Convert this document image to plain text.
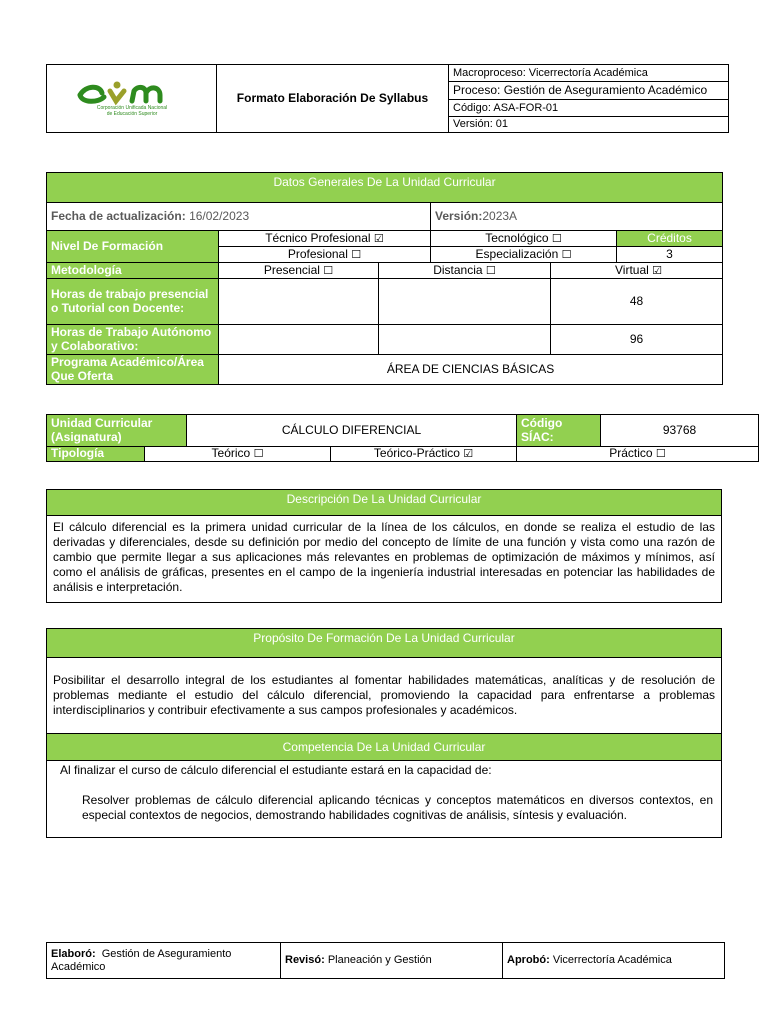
Corporación Unificada Nacional
de Educación Superior
	Formato Elaboración De Syllabus	Macroproceso: Vicerrectoría Académica
Proceso: Gestión de Aseguramiento Académico
Código: ASA-FOR-01
Versión: 01
Datos Generales De La Unidad Curricular					
Fecha de actualización: 16/02/2023			Versión:2023A		
Nivel De Formación	Técnico Profesional ☑		Tecnológico ☐		Créditos
	Profesional ☐		Especialización ☐		3
Metodología	Presencial ☐	Distancia ☐		Virtual ☑	
Horas de trabajo presencial o Tutorial con Docente:				48	
Horas de Trabajo Autónomo y Colaborativo:				96	
Programa Académico/Área Que Oferta	ÁREA DE CIENCIAS BÁSICAS				
Unidad Curricular (Asignatura)		CÁLCULO DIFERENCIAL		Código SÍAC:	93768
Tipología	Teórico ☐		Teórico-Práctico ☑	Práctico ☐	
Descripción De La Unidad Curricular
El cálculo diferencial es la primera unidad curricular de la línea de los cálculos, en donde se realiza el estudio de las derivadas y diferenciales, desde su definición por medio del concepto de límite de una función y vista como una razón de cambio que permite llegar a sus aplicaciones más relevantes en problemas de optimización de máximos y mínimos, así como el análisis de gráficas, presentes en el campo de la ingeniería industrial interesadas en potenciar las habilidades de análisis e interpretación.
Propósito De Formación De La Unidad Curricular
Posibilitar el desarrollo integral de los estudiantes al fomentar habilidades matemáticas, analíticas y de resolución de problemas mediante el estudio del cálculo diferencial, promoviendo la capacidad para enfrentarse a problemas interdisciplinarios y contribuir efectivamente a sus campos profesionales y académicos.
Competencia De La Unidad Curricular
Al finalizar el curso de cálculo diferencial el estudiante estará en la capacidad de:
Resolver problemas de cálculo diferencial aplicando técnicas y conceptos matemáticos en diversos contextos, en especial contextos de negocios, demostrando habilidades cognitivas de análisis, síntesis y evaluación.
Elaboró: Gestión de Aseguramiento Académico	Revisó: Planeación y Gestión	Aprobó: Vicerrectoría Académica
